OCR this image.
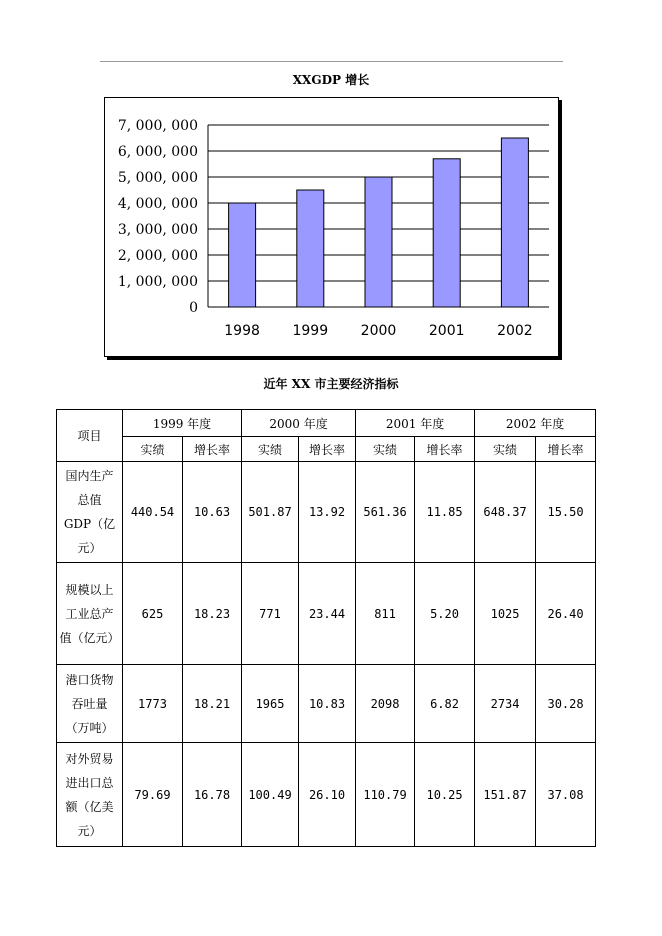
XXGDP 增长
0
1, 000, 000
2, 000, 000
3, 000, 000
4, 000, 000
5, 000, 000
6, 000, 000
7, 000, 000
1998 1999 2000 2001 2002
近年 XX 市主要经济指标
项目	1999 年度		2000 年度		2001 年度		2002 年度	
	实绩	增长率	实绩	增长率	实绩	增长率	实绩	增长率

国内生产
总值
GDP（亿
元）	440.54	10.63	501.87	13.92	561.36	11.85	648.37	15.50

规模以上
工业总产
值（亿元）	625	18.23	771	23.44	811	5.20	1025	26.40

港口货物
吞吐量
（万吨）	1773	18.21	1965	10.83	2098	6.82	2734	30.28

对外贸易
进出口总
额（亿美
元）	79.69	16.78	100.49	26.10	110.79	10.25	151.87	37.08
